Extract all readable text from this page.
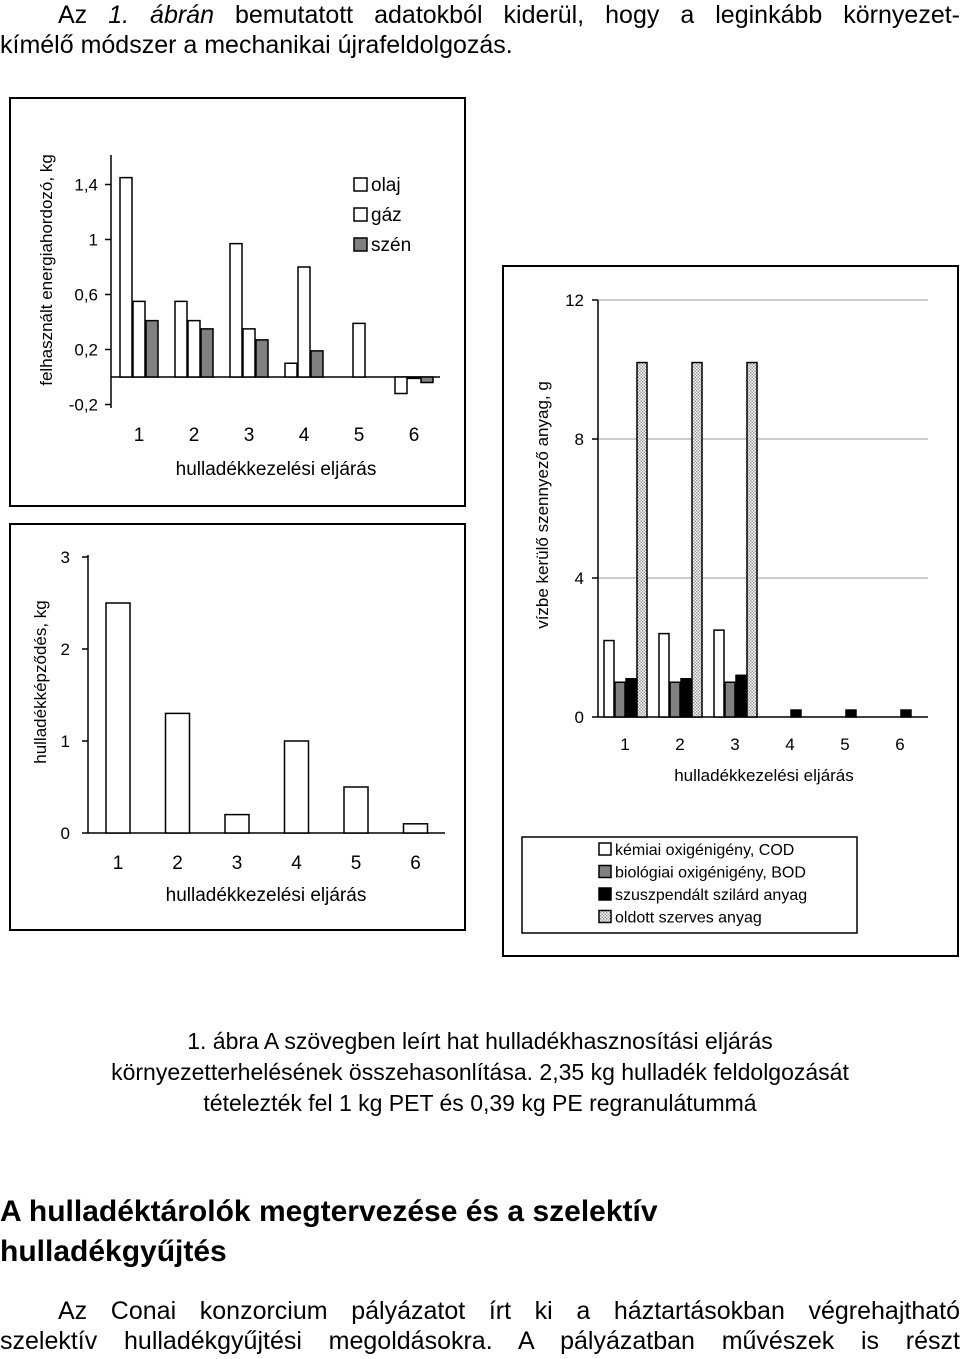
Az 1. ábrán bemutatott adatokból kiderül, hogy a leginkább környezet-
kímélő módszer a mechanikai újrafeldolgozás.
felhasznált energiahordozó, kg 1,4
1
0,6
0,2
-0,2
1 2 3 4 5 6
hulladékkezelési eljárás
olaj
gáz
szén
hulladékképződés, kg
3
2
1
0
1	2	3	4	5	6
hulladékkezelési eljárás
vízbe kerülő szennyező anyag, g
12
8
4
0
1	2	3	4	5	6
hulladékkezelési eljárás
kémiai oxigénigény, COD
biológiai oxigénigény, BOD
szuszpendált szilárd anyag
oldott szerves anyag
1. ábra A szövegben leírt hat hulladékhasznosítási eljárás
környezetterhelésének összehasonlítása. 2,35 kg hulladék feldolgozását
tételezték fel 1 kg PET és 0,39 kg PE regranulátummá
A hulladéktárolók megtervezése és a szelektív
hulladékgyűjtés
Az Conai konzorcium pályázatot írt ki a háztartásokban végrehajtható
szelektív hulladékgyűjtési megoldásokra. A pályázatban művészek is részt
